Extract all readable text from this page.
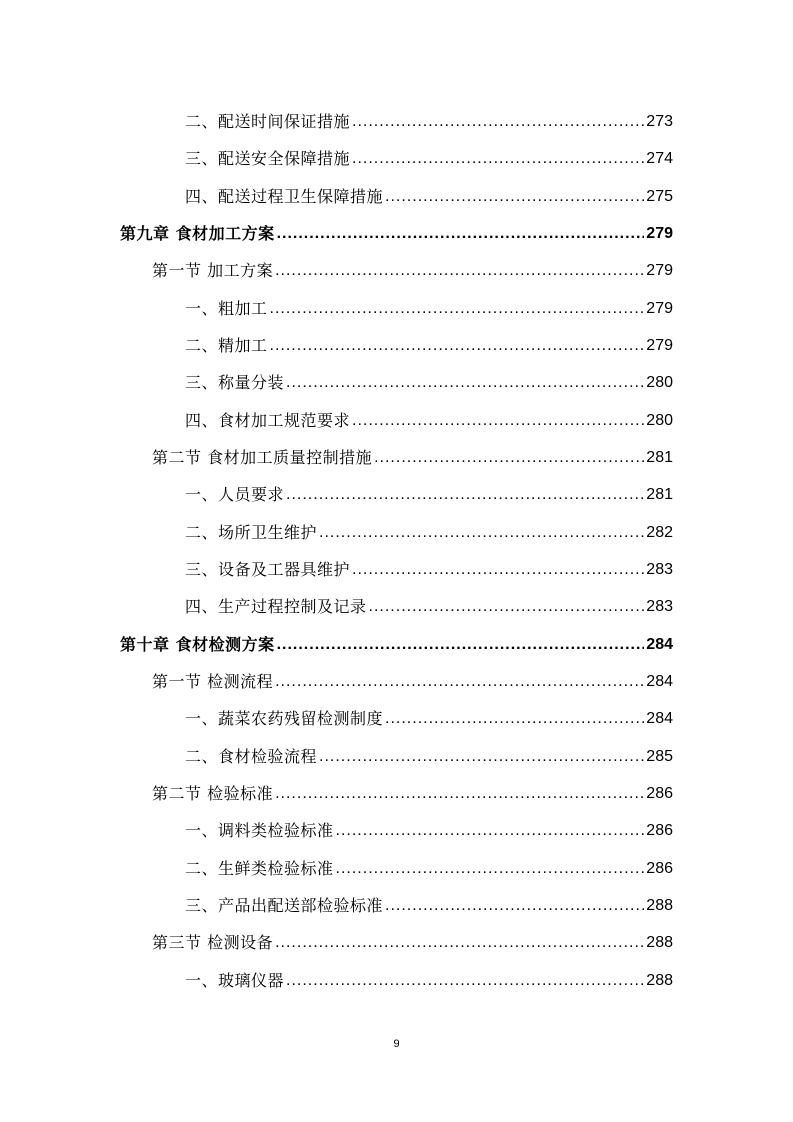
二、配送时间保证措施 .....	273
三、配送安全保障措施 .....	274
四、配送过程卫生保障措施 .....	275
第九章 食材加工方案 .....	279
第一节 加工方案 .....	279
一、粗加工 .....	279
二、精加工 .....	279
三、称量分装 .....	280
四、食材加工规范要求 .....	280
第二节 食材加工质量控制措施 .....	281
一、人员要求 .....	281
二、场所卫生维护 .....	282
三、设备及工器具维护 .....	283
四、生产过程控制及记录 .....	283
第十章 食材检测方案 .....	284
第一节 检测流程 .....	284
一、蔬菜农药残留检测制度 .....	284
二、食材检验流程 .....	285
第二节 检验标准 .....	286
一、调料类检验标准 .....	286
二、生鲜类检验标准 .....	286
三、产品出配送部检验标准 .....	288
第三节 检测设备 .....	288
一、玻璃仪器 .....	288
9
